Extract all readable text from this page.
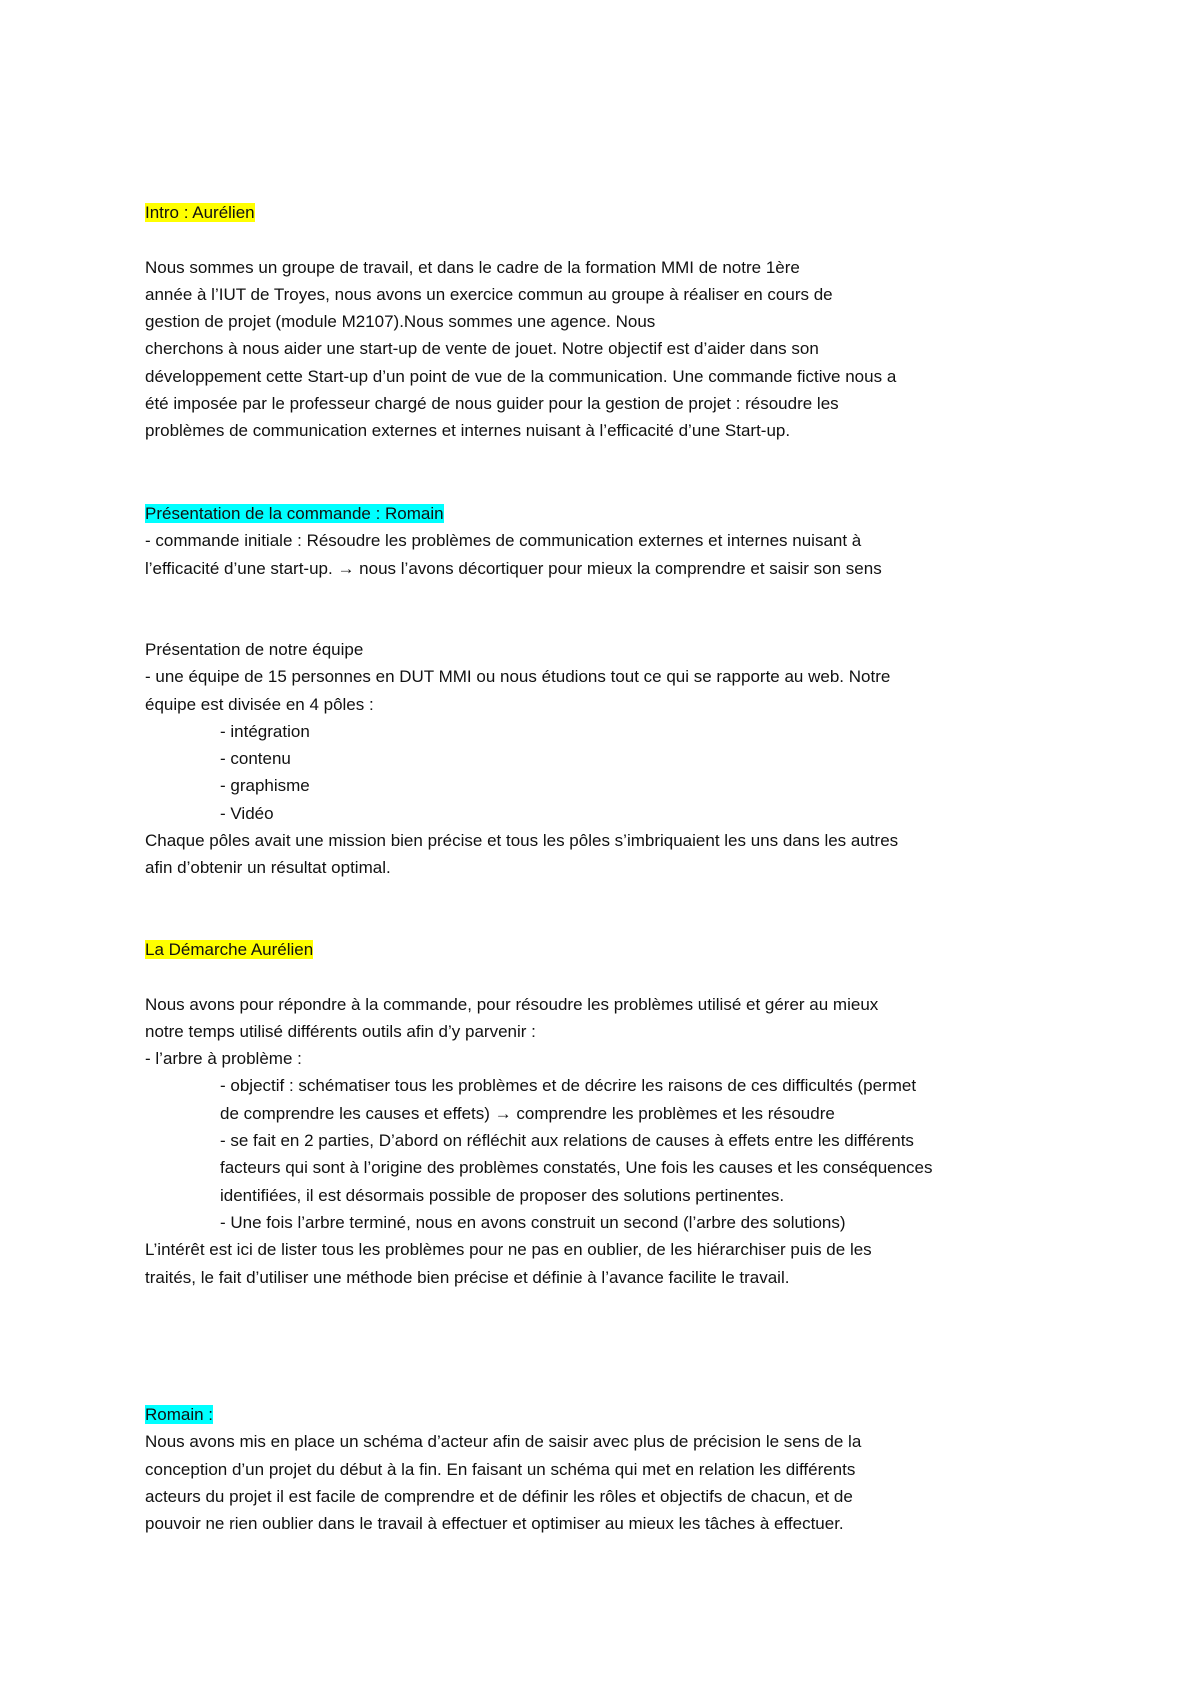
Intro : Aurélien
Nous sommes un groupe de travail, et dans le cadre de la formation MMI de notre 1ère
année à l’IUT de Troyes, nous avons un exercice commun au groupe à réaliser en cours de
gestion de projet (module M2107).Nous sommes une agence. Nous
cherchons à nous aider une start-up de vente de jouet. Notre objectif est d’aider dans son
développement cette Start-up d’un point de vue de la communication. Une commande fictive nous a
été imposée par le professeur chargé de nous guider pour la gestion de projet : résoudre les
problèmes de communication externes et internes nuisant à l’efficacité d’une Start-up.
Présentation de la commande : Romain
- commande initiale : Résoudre les problèmes de communication externes et internes nuisant à
l’efficacité d’une start-up. → nous l’avons décortiquer pour mieux la comprendre et saisir son sens
Présentation de notre équipe
- une équipe de 15 personnes en DUT MMI ou nous étudions tout ce qui se rapporte au web. Notre
équipe est divisée en 4 pôles :
- intégration
- contenu
- graphisme
- Vidéo
Chaque pôles avait une mission bien précise et tous les pôles s’imbriquaient les uns dans les autres
afin d’obtenir un résultat optimal.
La Démarche Aurélien
Nous avons pour répondre à la commande, pour résoudre les problèmes utilisé et gérer au mieux
notre temps utilisé différents outils afin d’y parvenir :
- l’arbre à problème :
- objectif : schématiser tous les problèmes et de décrire les raisons de ces difficultés (permet
de comprendre les causes et effets) → comprendre les problèmes et les résoudre
- se fait en 2 parties, D’abord on réfléchit aux relations de causes à effets entre les différents
facteurs qui sont à l’origine des problèmes constatés, Une fois les causes et les conséquences
identifiées, il est désormais possible de proposer des solutions pertinentes.
- Une fois l’arbre terminé, nous en avons construit un second (l’arbre des solutions)
L’intérêt est ici de lister tous les problèmes pour ne pas en oublier, de les hiérarchiser puis de les
traités, le fait d’utiliser une méthode bien précise et définie à l’avance facilite le travail.
Romain :
Nous avons mis en place un schéma d’acteur afin de saisir avec plus de précision le sens de la
conception d’un projet du début à la fin. En faisant un schéma qui met en relation les différents
acteurs du projet il est facile de comprendre et de définir les rôles et objectifs de chacun, et de
pouvoir ne rien oublier dans le travail à effectuer et optimiser au mieux les tâches à effectuer.
